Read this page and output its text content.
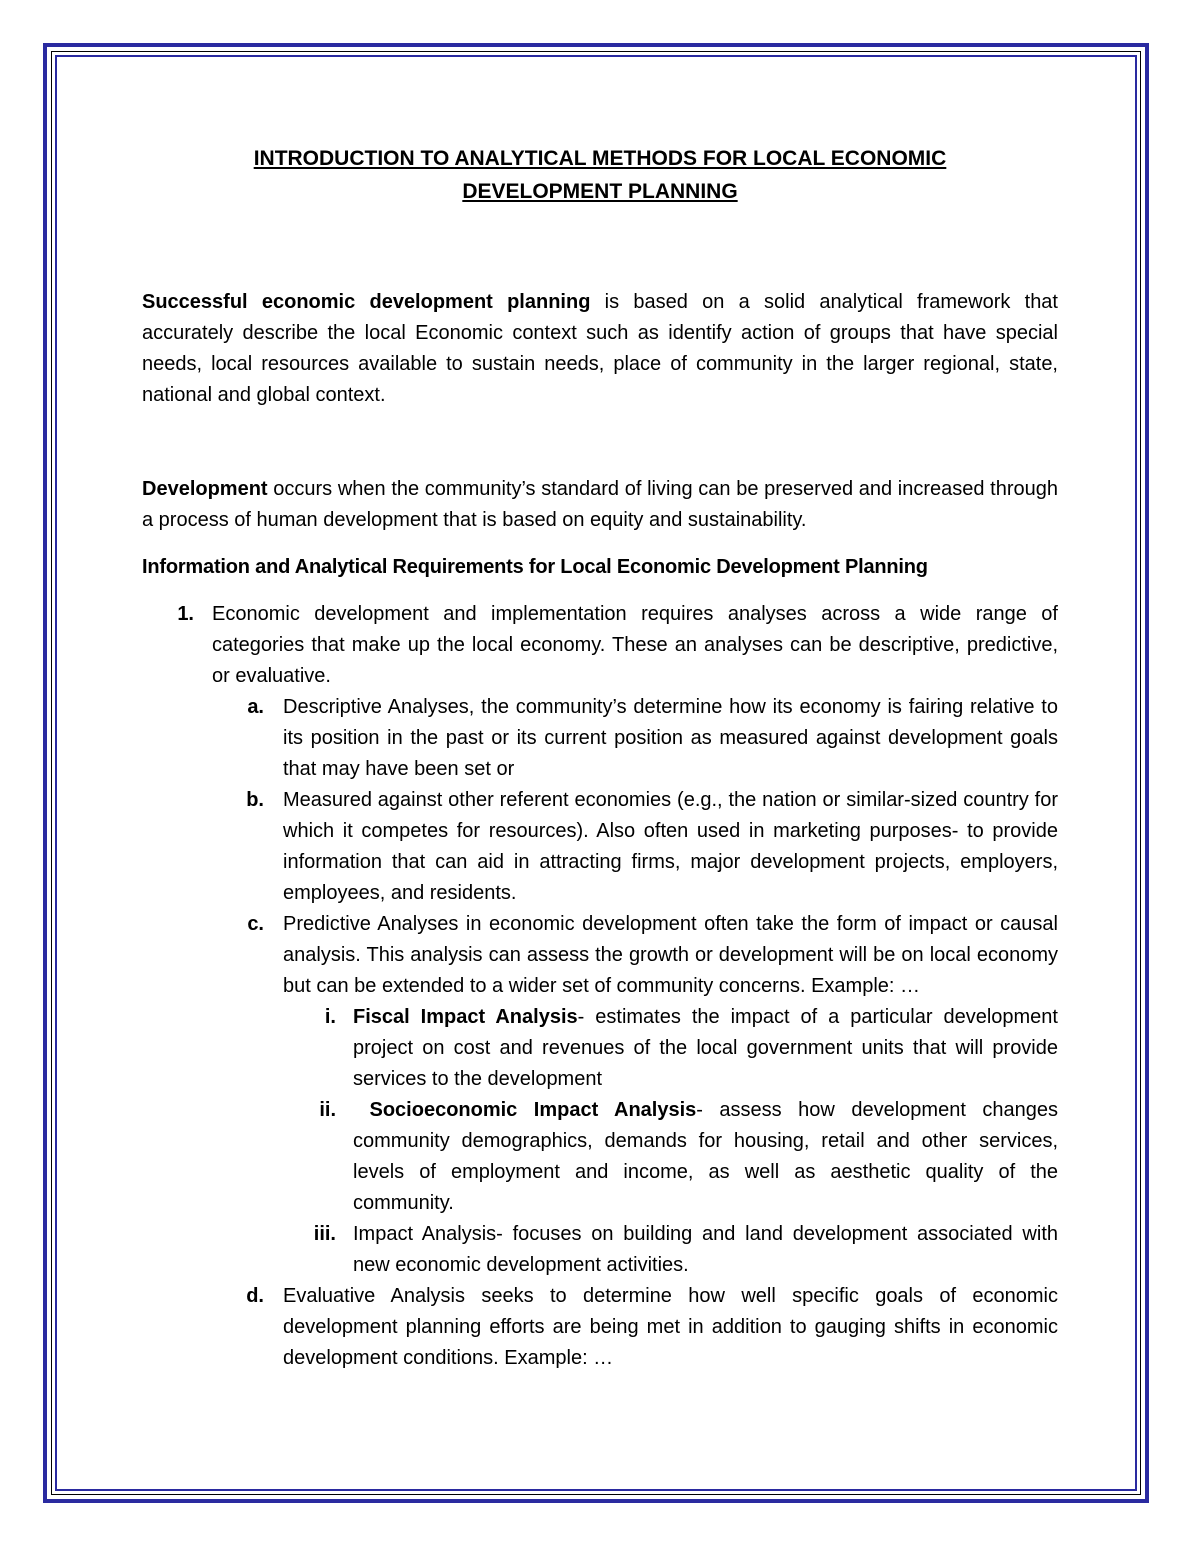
INTRODUCTION TO ANALYTICAL METHODS FOR LOCAL ECONOMIC
DEVELOPMENT PLANNING

Successful economic development planning is based on a solid analytical framework that accurately describe the local Economic context such as identify action of groups that have special needs, local resources available to sustain needs, place of community in the larger regional, state, national and global context.

Development occurs when the community’s standard of living can be preserved and increased through a process of human development that is based on equity and sustainability.

Information and Analytical Requirements for Local Economic Development Planning
1. Economic development and implementation requires analyses across a wide range of categories that make up the local economy. These an analyses can be descriptive, predictive, or evaluative.
a. Descriptive Analyses, the community’s determine how its economy is fairing relative to its position in the past or its current position as measured against development goals that may have been set or
b. Measured against other referent economies (e.g., the nation or similar-sized country for which it competes for resources). Also often used in marketing purposes- to provide information that can aid in attracting firms, major development projects, employers, employees, and residents.
c. Predictive Analyses in economic development often take the form of impact or causal analysis. This analysis can assess the growth or development will be on local economy but can be extended to a wider set of community concerns. Example: …
i. Fiscal Impact Analysis- estimates the impact of a particular development project on cost and revenues of the local government units that will provide services to the development
ii. Socioeconomic Impact Analysis- assess how development changes community demographics, demands for housing, retail and other services, levels of employment and income, as well as aesthetic quality of the community.
iii. Impact Analysis- focuses on building and land development associated with new economic development activities.
d. Evaluative Analysis seeks to determine how well specific goals of economic development planning efforts are being met in addition to gauging shifts in economic development conditions. Example: …
